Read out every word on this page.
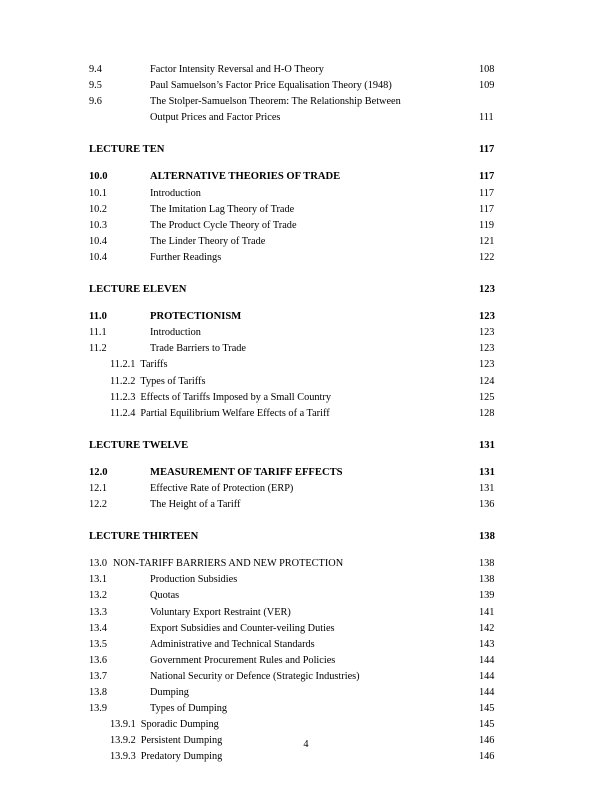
9.4	Factor Intensity Reversal and H-O Theory	108
9.5	Paul Samuelson’s Factor Price Equalisation Theory (1948)	109
9.6	The Stolper-Samuelson Theorem: The Relationship Between
Output Prices and Factor Prices	111
LECTURE TEN	117
10.0	ALTERNATIVE THEORIES OF TRADE	117
10.1	Introduction	117
10.2	The Imitation Lag Theory of Trade	117
10.3	The Product Cycle Theory of Trade	119
10.4	The Linder Theory of Trade	121
10.4	Further Readings	122
LECTURE ELEVEN	123
11.0	PROTECTIONISM	123
11.1	Introduction	123
11.2	Trade Barriers to Trade	123
11.2.1 Tariffs	123
11.2.2 Types of Tariffs	124
11.2.3 Effects of Tariffs Imposed by a Small Country	125
11.2.4 Partial Equilibrium Welfare Effects of a Tariff	128
LECTURE TWELVE	131
12.0	MEASUREMENT OF TARIFF EFFECTS	131
12.1	Effective Rate of Protection (ERP)	131
12.2	The Height of a Tariff	136
LECTURE THIRTEEN	138
13.0 NON-TARIFF BARRIERS AND NEW PROTECTION	138
13.1	Production Subsidies	138
13.2	Quotas	139
13.3	Voluntary Export Restraint (VER)	141
13.4	Export Subsidies and Counter-veiling Duties	142
13.5	Administrative and Technical Standards	143
13.6	Government Procurement Rules and Policies	144
13.7	National Security or Defence (Strategic Industries)	144
13.8	Dumping	144
13.9	Types of Dumping	145
13.9.1 Sporadic Dumping	145
13.9.2 Persistent Dumping	146
13.9.3 Predatory Dumping	146
4
